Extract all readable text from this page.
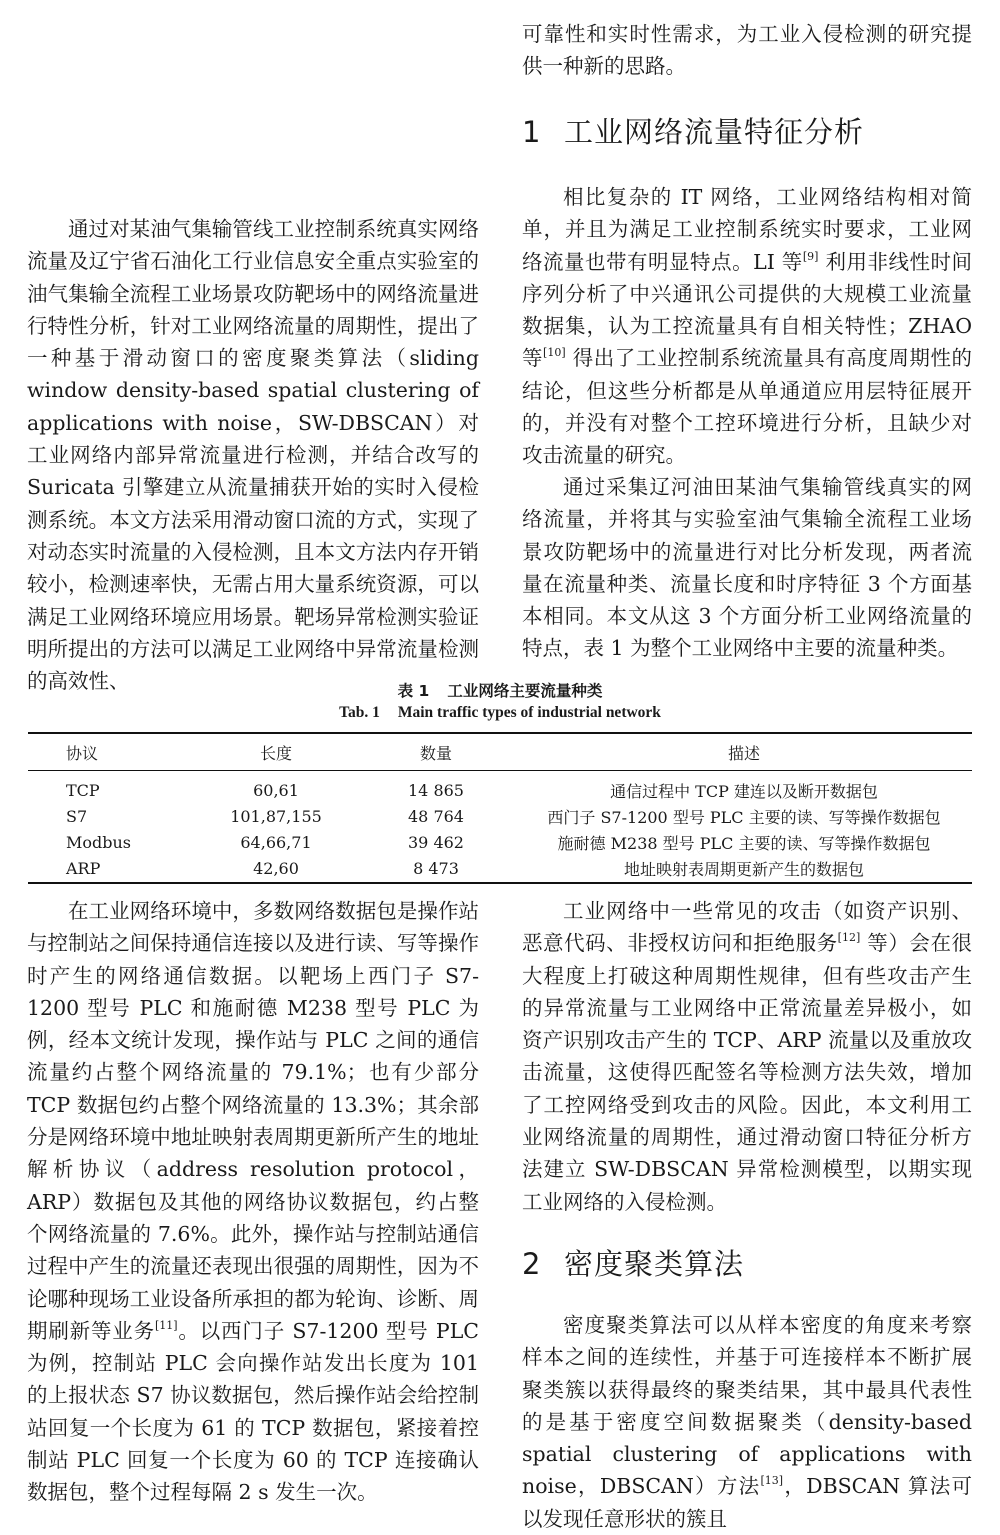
通过对某油气集输管线工业控制系统真实网络流量及辽宁省石油化工行业信息安全重点实验室的油气集输全流程工业场景攻防靶场中的网络流量进行特性分析，针对工业网络流量的周期性，提出了一种基于滑动窗口的密度聚类算法（sliding window density-based spatial clustering of applications with noise，SW-DBSCAN）对工业网络内部异常流量进行检测，并结合改写的 Suricata 引擎建立从流量捕获开始的实时入侵检测系统。本文方法采用滑动窗口流的方式，实现了对动态实时流量的入侵检测，且本文方法内存开销较小，检测速率快，无需占用大量系统资源，可以满足工业网络环境应用场景。靶场异常检测实验证明所提出的方法可以满足工业网络中异常流量检测的高效性、

可靠性和实时性需求，为工业入侵检测的研究提供一种新的思路。

1 工业网络流量特征分析

相比复杂的 IT 网络，工业网络结构相对简单，并且为满足工业控制系统实时要求，工业网络流量也带有明显特点。LI 等[9] 利用非线性时间序列分析了中兴通讯公司提供的大规模工业流量数据集，认为工控流量具有自相关特性；ZHAO 等[10] 得出了工业控制系统流量具有高度周期性的结论，但这些分析都是从单通道应用层特征展开的，并没有对整个工控环境进行分析，且缺少对攻击流量的研究。

通过采集辽河油田某油气集输管线真实的网络流量，并将其与实验室油气集输全流程工业场景攻防靶场中的流量进行对比分析发现，两者流量在流量种类、流量长度和时序特征 3 个方面基本相同。本文从这 3 个方面分析工业网络流量的特点，表 1 为整个工业网络中主要的流量种类。

表 1 工业网络主要流量种类

Tab. 1 Main traffic types of industrial network

协议	长度	数量	描述
TCP	60,61	14 865	通信过程中 TCP 建连以及断开数据包
S7	101,87,155	48 764	西门子 S7-1200 型号 PLC 主要的读、写等操作数据包
Modbus	64,66,71	39 462	施耐德 M238 型号 PLC 主要的读、写等操作数据包
ARP	42,60	8 473	地址映射表周期更新产生的数据包

在工业网络环境中，多数网络数据包是操作站与控制站之间保持通信连接以及进行读、写等操作时产生的网络通信数据。以靶场上西门子 S7-1200 型号 PLC 和施耐德 M238 型号 PLC 为例，经本文统计发现，操作站与 PLC 之间的通信流量约占整个网络流量的 79.1%；也有少部分 TCP 数据包约占整个网络流量的 13.3%；其余部分是网络环境中地址映射表周期更新所产生的地址解析协议（address resolution protocol，ARP）数据包及其他的网络协议数据包，约占整个网络流量的 7.6%。此外，操作站与控制站通信过程中产生的流量还表现出很强的周期性，因为不论哪种现场工业设备所承担的都为轮询、诊断、周期刷新等业务[11]。以西门子 S7-1200 型号 PLC 为例，控制站 PLC 会向操作站发出长度为 101 的上报状态 S7 协议数据包，然后操作站会给控制站回复一个长度为 61 的 TCP 数据包，紧接着控制站 PLC 回复一个长度为 60 的 TCP 连接确认数据包，整个过程每隔 2 s 发生一次。

工业网络中一些常见的攻击（如资产识别、恶意代码、非授权访问和拒绝服务[12] 等）会在很大程度上打破这种周期性规律，但有些攻击产生的异常流量与工业网络中正常流量差异极小，如资产识别攻击产生的 TCP、ARP 流量以及重放攻击流量，这使得匹配签名等检测方法失效，增加了工控网络受到攻击的风险。因此，本文利用工业网络流量的周期性，通过滑动窗口特征分析方法建立 SW-DBSCAN 异常检测模型，以期实现工业网络的入侵检测。

2 密度聚类算法

密度聚类算法可以从样本密度的角度来考察样本之间的连续性，并基于可连接样本不断扩展聚类簇以获得最终的聚类结果，其中最具代表性的是基于密度空间数据聚类（density-based spatial clustering of applications with noise，DBSCAN）方法[13]，DBSCAN 算法可以发现任意形状的簇且
